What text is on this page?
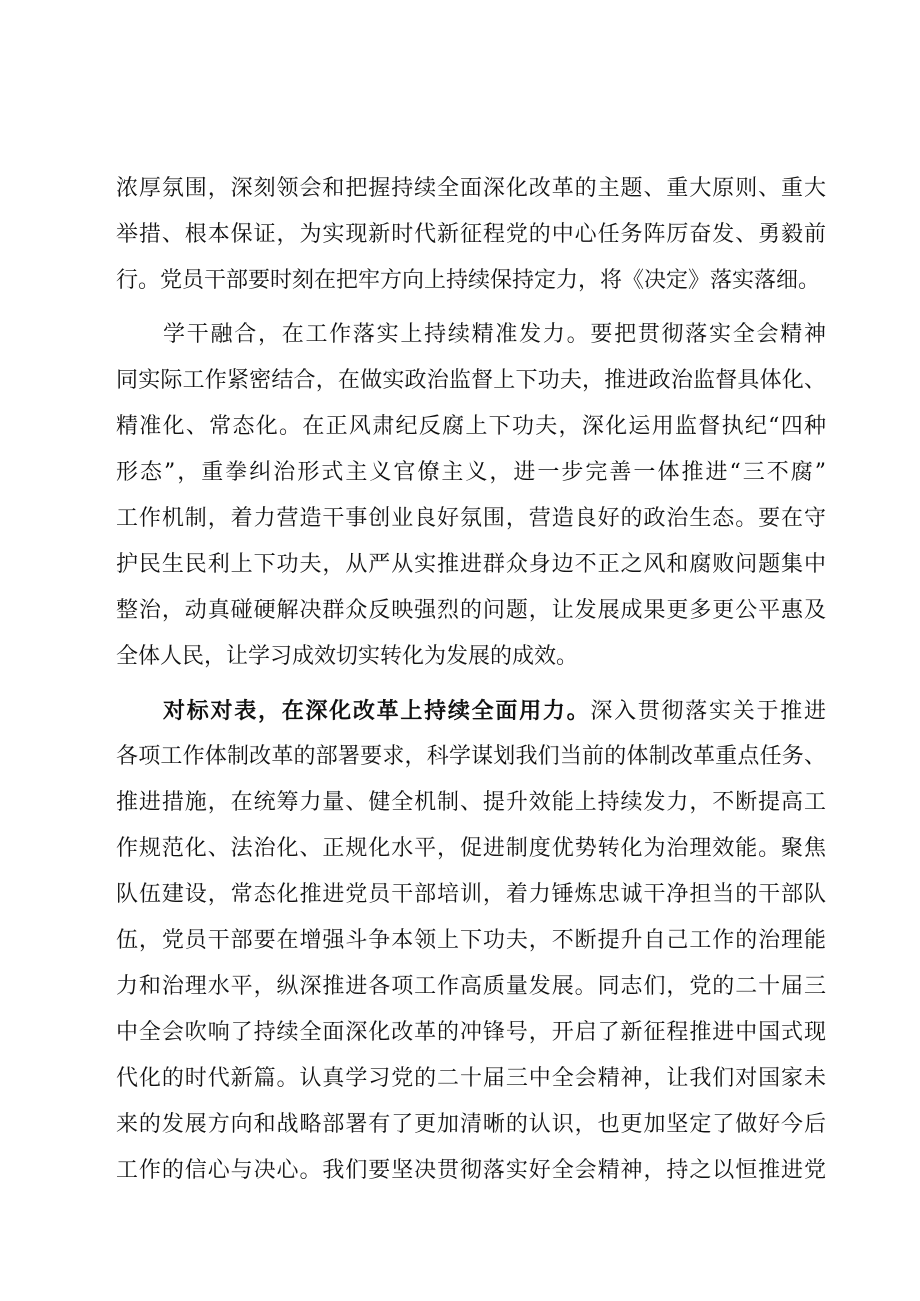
浓厚氛围，深刻领会和把握持续全面深化改革的主题、重大原则、重大
举措、根本保证，为实现新时代新征程党的中心任务阵厉奋发、勇毅前
行。党员干部要时刻在把牢方向上持续保持定力，将《决定》落实落细。
学干融合，在工作落实上持续精准发力。要把贯彻落实全会精神
同实际工作紧密结合，在做实政治监督上下功夫，推进政治监督具体化、
精准化、常态化。在正风肃纪反腐上下功夫，深化运用监督执纪“四种
形态”，重拳纠治形式主义官僚主义，进一步完善一体推进“三不腐”
工作机制，着力营造干事创业良好氛围，营造良好的政治生态。要在守
护民生民利上下功夫，从严从实推进群众身边不正之风和腐败问题集中
整治，动真碰硬解决群众反映强烈的问题，让发展成果更多更公平惠及
全体人民，让学习成效切实转化为发展的成效。
对标对表，在深化改革上持续全面用力。深入贯彻落实关于推进
各项工作体制改革的部署要求，科学谋划我们当前的体制改革重点任务、
推进措施，在统筹力量、健全机制、提升效能上持续发力，不断提高工
作规范化、法治化、正规化水平，促进制度优势转化为治理效能。聚焦
队伍建设，常态化推进党员干部培训，着力锤炼忠诚干净担当的干部队
伍，党员干部要在增强斗争本领上下功夫，不断提升自己工作的治理能
力和治理水平，纵深推进各项工作高质量发展。同志们，党的二十届三
中全会吹响了持续全面深化改革的冲锋号，开启了新征程推进中国式现
代化的时代新篇。认真学习党的二十届三中全会精神，让我们对国家未
来的发展方向和战略部署有了更加清晰的认识，也更加坚定了做好今后
工作的信心与决心。我们要坚决贯彻落实好全会精神，持之以恒推进党
